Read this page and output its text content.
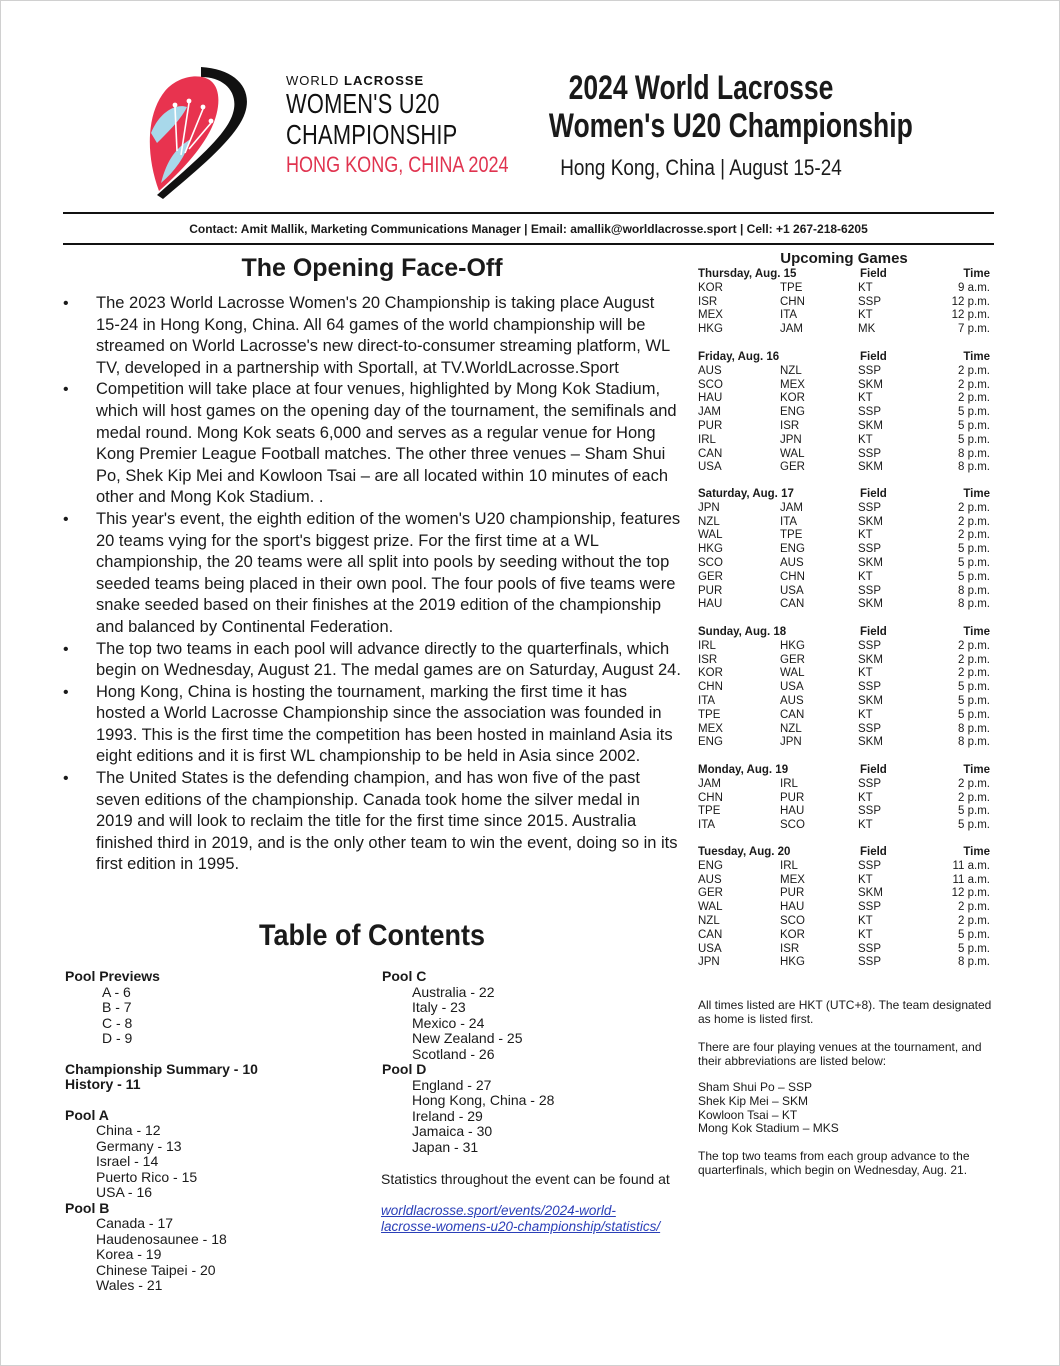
WORLD LACROSSE
WOMEN'S U20
CHAMPIONSHIP
HONG KONG, CHINA 2024
2024 World Lacrosse
Women's U20 Championship
Hong Kong, China | August 15-24
Contact: Amit Mallik, Marketing Communications Manager | Email: amallik@worldlacrosse.sport | Cell: +1 267-218-6205
The Opening Face-Off
• The 2023 World Lacrosse Women's 20 Championship is taking place August 15-24 in Hong Kong, China. All 64 games of the world championship will be streamed on World Lacrosse's new direct-to-consumer streaming platform, WL TV, developed in a partnership with Sportall, at TV.WorldLacrosse.Sport
• Competition will take place at four venues, highlighted by Mong Kok Stadium, which will host games on the opening day of the tournament, the semifinals and medal round. Mong Kok seats 6,000 and serves as a regular venue for Hong Kong Premier League Football matches. The other three venues – Sham Shui Po, Shek Kip Mei and Kowloon Tsai – are all located within 10 minutes of each other and Mong Kok Stadium. .
• This year's event, the eighth edition of the women's U20 championship, features 20 teams vying for the sport's biggest prize. For the first time at a WL championship, the 20 teams were all split into pools by seeding without the top seeded teams being placed in their own pool. The four pools of five teams were snake seeded based on their finishes at the 2019 edition of the championship and balanced by Continental Federation.
• The top two teams in each pool will advance directly to the quarterfinals, which begin on Wednesday, August 21. The medal games are on Saturday, August 24.
• Hong Kong, China is hosting the tournament, marking the first time it has hosted a World Lacrosse Championship since the association was founded in 1993. This is the first time the competition has been hosted in mainland Asia its eight editions and it is first WL championship to be held in Asia since 2002.
• The United States is the defending champion, and has won five of the past seven editions of the championship. Canada took home the silver medal in 2019 and will look to reclaim the title for the first time since 2015. Australia finished third in 2019, and is the only other team to win the event, doing so in its first edition in 1995.
Table of Contents
Pool Previews
A - 6
B - 7
C - 8
D - 9
Championship Summary - 10
History - 11
Pool A
China - 12
Germany - 13
Israel - 14
Puerto Rico - 15
USA - 16
Pool B
Canada - 17
Haudenosaunee - 18
Korea - 19
Chinese Taipei - 20
Wales - 21
Pool C
Australia - 22
Italy - 23
Mexico - 24
New Zealand - 25
Scotland - 26
Pool D
England - 27
Hong Kong, China - 28
Ireland - 29
Jamaica - 30
Japan - 31
Statistics throughout the event can be found at
worldlacrosse.sport/events/2024-world-
lacrosse-womens-u20-championship/statistics/
Upcoming Games
Thursday, Aug. 15	Field	Time
KOR	TPE	KT	9 a.m.
ISR	CHN	SSP	12 p.m.
MEX	ITA	KT	12 p.m.
HKG	JAM	MK	7 p.m.
Friday, Aug. 16	Field	Time
AUS	NZL	SSP	2 p.m.
SCO	MEX	SKM	2 p.m.
HAU	KOR	KT	2 p.m.
JAM	ENG	SSP	5 p.m.
PUR	ISR	SKM	5 p.m.
IRL	JPN	KT	5 p.m.
CAN	WAL	SSP	8 p.m.
USA	GER	SKM	8 p.m.
Saturday, Aug. 17	Field	Time
JPN	JAM	SSP	2 p.m.
NZL	ITA	SKM	2 p.m.
WAL	TPE	KT	2 p.m.
HKG	ENG	SSP	5 p.m.
SCO	AUS	SKM	5 p.m.
GER	CHN	KT	5 p.m.
PUR	USA	SSP	8 p.m.
HAU	CAN	SKM	8 p.m.
Sunday, Aug. 18	Field	Time
IRL	HKG	SSP	2 p.m.
ISR	GER	SKM	2 p.m.
KOR	WAL	KT	2 p.m.
CHN	USA	SSP	5 p.m.
ITA	AUS	SKM	5 p.m.
TPE	CAN	KT	5 p.m.
MEX	NZL	SSP	8 p.m.
ENG	JPN	SKM	8 p.m.
Monday, Aug. 19	Field	Time
JAM	IRL	SSP	2 p.m.
CHN	PUR	KT	2 p.m.
TPE	HAU	SSP	5 p.m.
ITA	SCO	KT	5 p.m.
Tuesday, Aug. 20	Field	Time
ENG	IRL	SSP	11 a.m.
AUS	MEX	KT	11 a.m.
GER	PUR	SKM	12 p.m.
WAL	HAU	SSP	2 p.m.
NZL	SCO	KT	2 p.m.
CAN	KOR	KT	5 p.m.
USA	ISR	SSP	5 p.m.
JPN	HKG	SSP	8 p.m.
All times listed are HKT (UTC+8). The team designated as home is listed first.
There are four playing venues at the tournament, and their abbreviations are listed below:
Sham Shui Po – SSP
Shek Kip Mei – SKM
Kowloon Tsai – KT
Mong Kok Stadium – MKS
The top two teams from each group advance to the quarterfinals, which begin on Wednesday, Aug. 21.
